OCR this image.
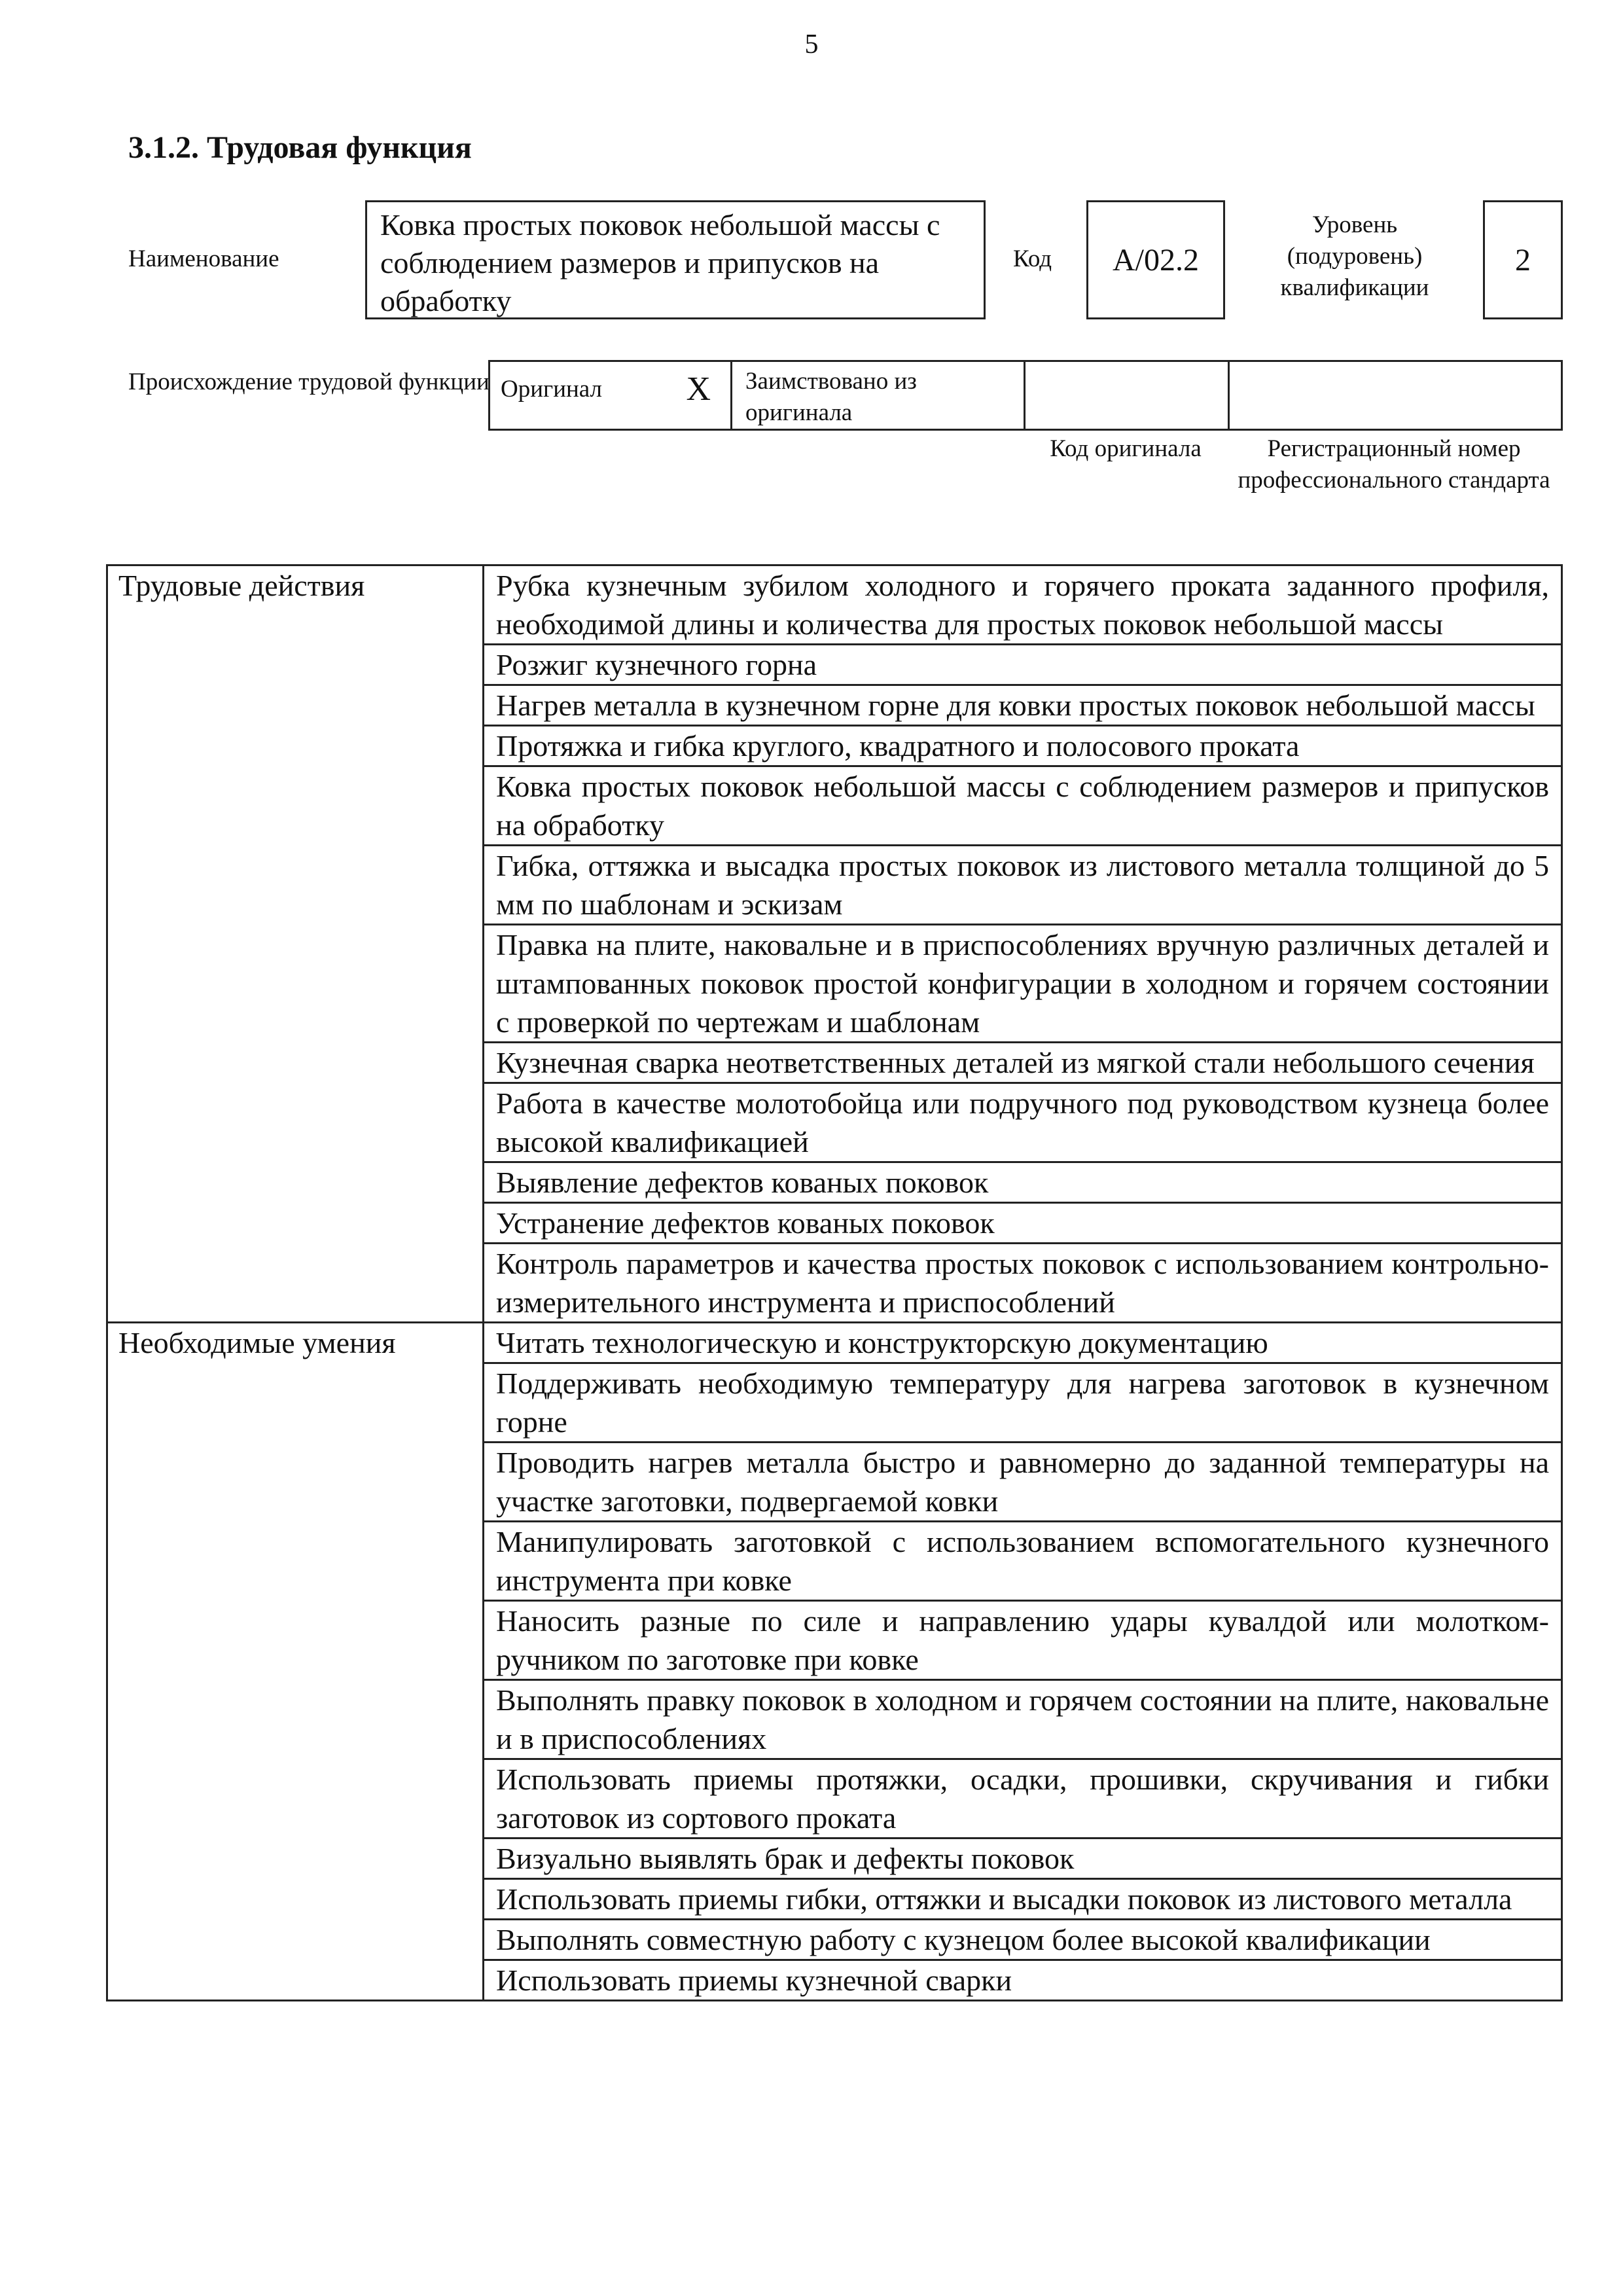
5
3.1.2. Трудовая функция
Наименование
Ковка простых поковок небольшой массы с соблюдением размеров и припусков на обработку
Код	А/02.2
Уровень (подуровень) квалификации
2
Происхождение трудовой функции Оригинал X	Заимствовано из оригинала
Код оригинала	Регистрационный номер профессионального стандарта
Трудовые действия	Рубка кузнечным зубилом холодного и горячего проката заданного профиля, необходимой длины и количества для простых поковок небольшой массы
	Розжиг кузнечного горна
	Нагрев металла в кузнечном горне для ковки простых поковок небольшой массы
	Протяжка и гибка круглого, квадратного и полосового проката
	Ковка простых поковок небольшой массы с соблюдением размеров и припусков на обработку
	Гибка, оттяжка и высадка простых поковок из листового металла толщиной до 5 мм по шаблонам и эскизам
	Правка на плите, наковальне и в приспособлениях вручную различных деталей и штампованных поковок простой конфигурации в холодном и горячем состоянии с проверкой по чертежам и шаблонам
	Кузнечная сварка неответственных деталей из мягкой стали небольшого сечения
	Работа в качестве молотобойца или подручного под руководством кузнеца более высокой квалификацией
	Выявление дефектов кованых поковок
	Устранение дефектов кованых поковок
	Контроль параметров и качества простых поковок с использованием контрольно-измерительного инструмента и приспособлений
Необходимые умения	Читать технологическую и конструкторскую документацию
	Поддерживать необходимую температуру для нагрева заготовок в кузнечном горне
	Проводить нагрев металла быстро и равномерно до заданной температуры на участке заготовки, подвергаемой ковки
	Манипулировать заготовкой с использованием вспомогательного кузнечного инструмента при ковке
	Наносить разные по силе и направлению удары кувалдой или молотком-ручником по заготовке при ковке
	Выполнять правку поковок в холодном и горячем состоянии на плите, наковальне и в приспособлениях
	Использовать приемы протяжки, осадки, прошивки, скручивания и гибки заготовок из сортового проката
	Визуально выявлять брак и дефекты поковок
	Использовать приемы гибки, оттяжки и высадки поковок из листового металла
	Выполнять совместную работу с кузнецом более высокой квалификации
	Использовать приемы кузнечной сварки
